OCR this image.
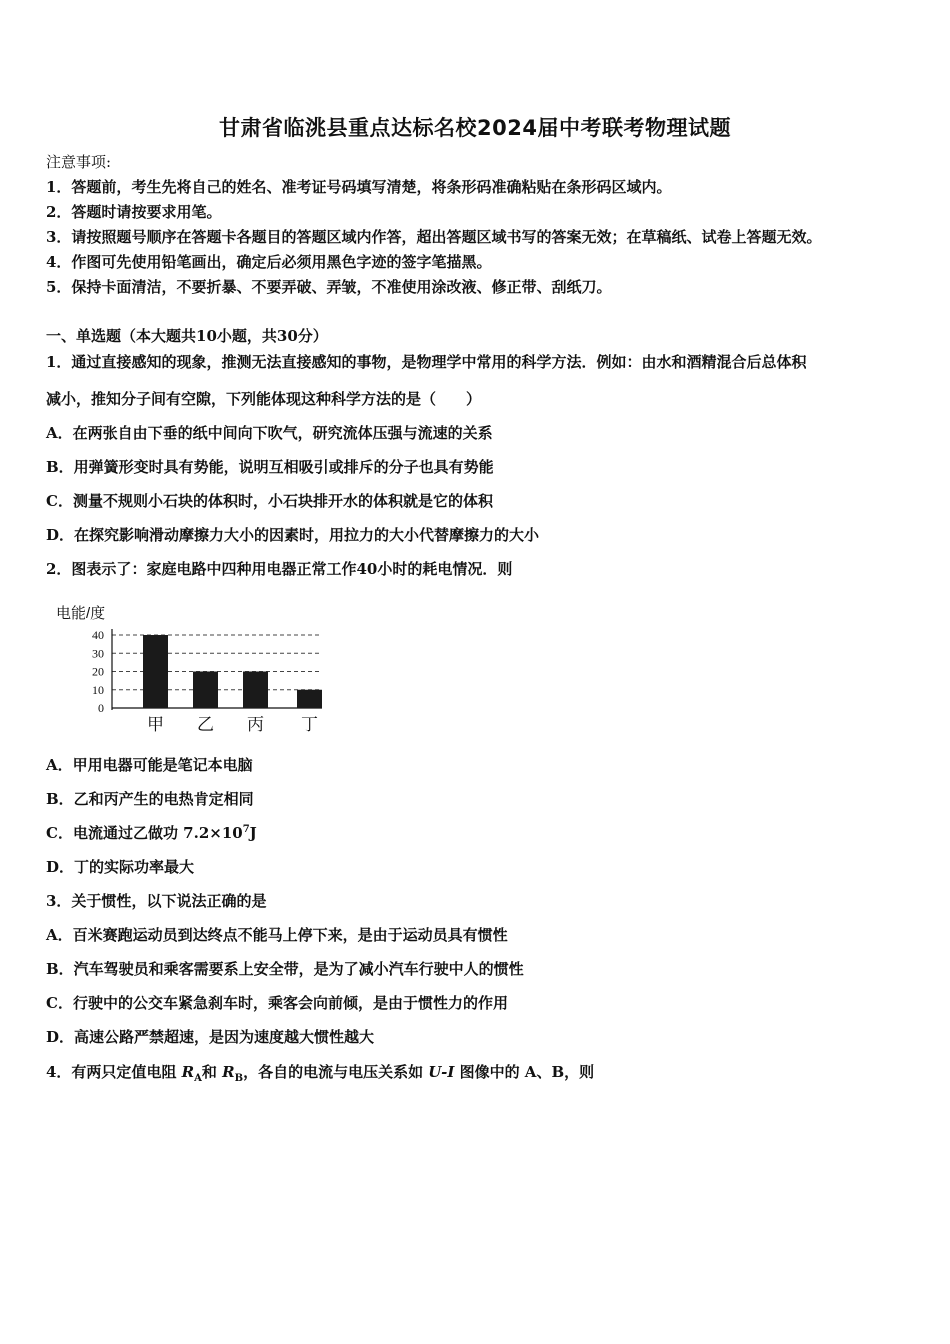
甘肃省临洮县重点达标名校2024届中考联考物理试题
注意事项:
1．答题前，考生先将自己的姓名、准考证号码填写清楚，将条形码准确粘贴在条形码区域内。
2．答题时请按要求用笔。
3．请按照题号顺序在答题卡各题目的答题区域内作答，超出答题区域书写的答案无效；在草稿纸、试卷上答题无效。
4．作图可先使用铅笔画出，确定后必须用黑色字迹的签字笔描黑。
5．保持卡面清洁，不要折暴、不要弄破、弄皱，不准使用涂改液、修正带、刮纸刀。
一、单选题（本大题共10小题，共30分）
1．通过直接感知的现象，推测无法直接感知的事物，是物理学中常用的科学方法．例如：由水和酒精混合后总体积
减小，推知分子间有空隙，下列能体现这种科学方法的是（　　）
A．在两张自由下垂的纸中间向下吹气，研究流体压强与流速的关系
B．用弹簧形变时具有势能，说明互相吸引或排斥的分子也具有势能
C．测量不规则小石块的体积时，小石块排开水的体积就是它的体积
D．在探究影响滑动摩擦力大小的因素时，用拉力的大小代替摩擦力的大小
2．图表示了：家庭电路中四种用电器正常工作40小时的耗电情况．则
电能/度
40
30
20
10
0
甲 乙 丙 丁
A．甲用电器可能是笔记本电脑
B．乙和丙产生的电热肯定相同
C．电流通过乙做功 $7.2\times 10^7J$
D．丁的实际功率最大
3．关于惯性，以下说法正确的是
A．百米赛跑运动员到达终点不能马上停下来，是由于运动员具有惯性
B．汽车驾驶员和乘客需要系上安全带，是为了减小汽车行驶中人的惯性
C．行驶中的公交车紧急刹车时，乘客会向前倾，是由于惯性力的作用
D．高速公路严禁超速，是因为速度越大惯性越大
4．有两只定值电阻 $R_A$和 $R_B$，各自的电流与电压关系如 U-I 图像中的 A、B，则
